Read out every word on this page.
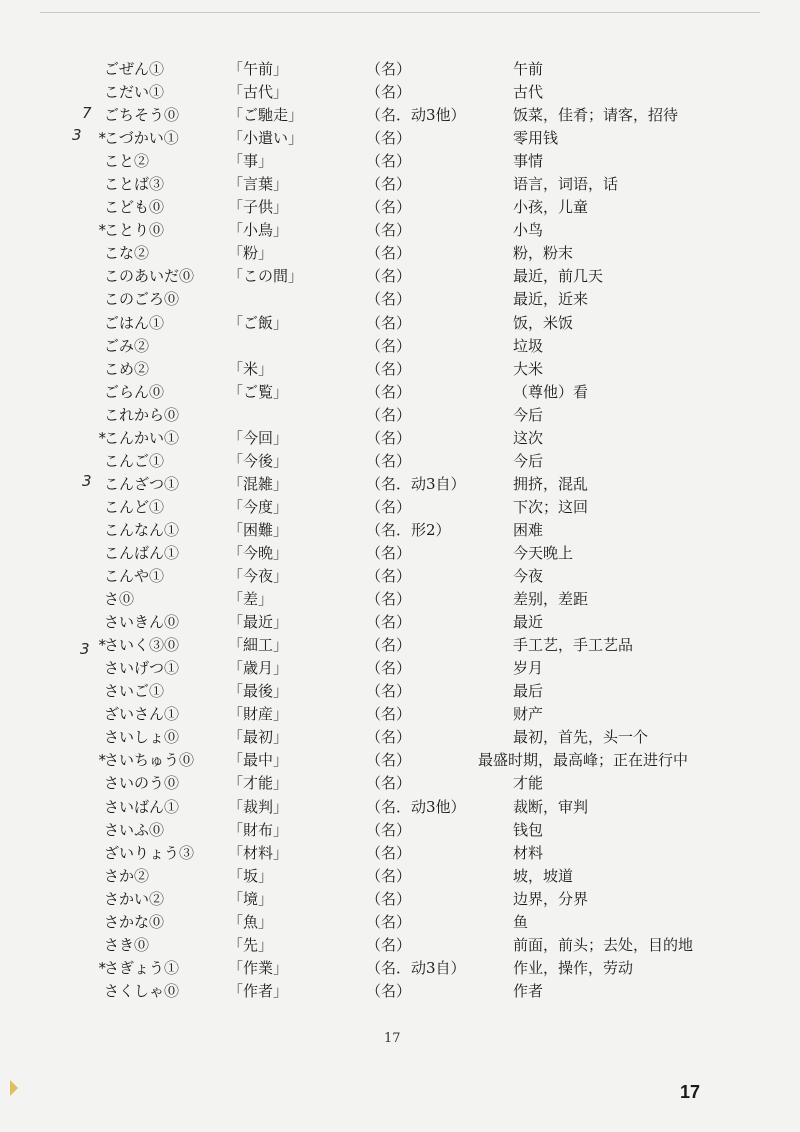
ごぜん①	「午前」	（名）	午前
こだい①	「古代」	（名）	古代
ごちそう⓪	「ご馳走」	（名．动3他）	饭菜，佳肴；请客，招待
*
こづかい①	「小遣い」	（名）	零用钱
こと②	「事」	（名）	事情
ことば③	「言葉」	（名）	语言，词语，话
こども⓪	「子供」	（名）	小孩，儿童
*
ことり⓪	「小鳥」	（名）	小鸟
こな②	「粉」	（名）	粉，粉末
このあいだ⓪ 「この間」	（名）	最近，前几天
このごろ⓪	（名）	最近，近来
ごはん①	「ご飯」	（名）	饭，米饭
ごみ②	（名）	垃圾
こめ②	「米」	（名）	大米
ごらん⓪	「ご覧」	（名）	（尊他）看
これから⓪	（名）	今后
*
こんかい①	「今回」	（名）	这次
こんご①	「今後」	（名）	今后
こんざつ①	「混雑」	（名．动3自）	拥挤，混乱
こんど①	「今度」	（名）	下次；这回
こんなん①	「困難」	（名．形2）	困难
こんばん①	「今晩」	（名）	今天晚上
こんや①	「今夜」	（名）	今夜
さ⓪	「差」	（名）	差别，差距
さいきん⓪	「最近」	（名）	最近
*
さいく③⓪	「細工」	（名）	手工艺，手工艺品
さいげつ①	「歳月」	（名）	岁月
さいご①	「最後」	（名）	最后
ざいさん①	「財産」	（名）	财产
さいしょ⓪	「最初」	（名）	最初，首先，头一个
*
さいちゅう⓪ 「最中」	（名）	最盛时期，最高峰；正在进行中
さいのう⓪	「才能」	（名）	才能
さいばん①	「裁判」	（名．动3他）	裁断，审判
さいふ⓪	「財布」	（名）	钱包
ざいりょう③ 「材料」	（名）	材料
さか②	「坂」	（名）	坡，坡道
さかい②	「境」	（名）	边界，分界
さかな⓪	「魚」	（名）	鱼
さき⓪	「先」	（名）	前面，前头；去处，目的地
*
さぎょう①	「作業」	（名．动3自）	作业，操作，劳动
さくしゃ⓪	「作者」	（名）	作者
7
3
3
3
17
17
